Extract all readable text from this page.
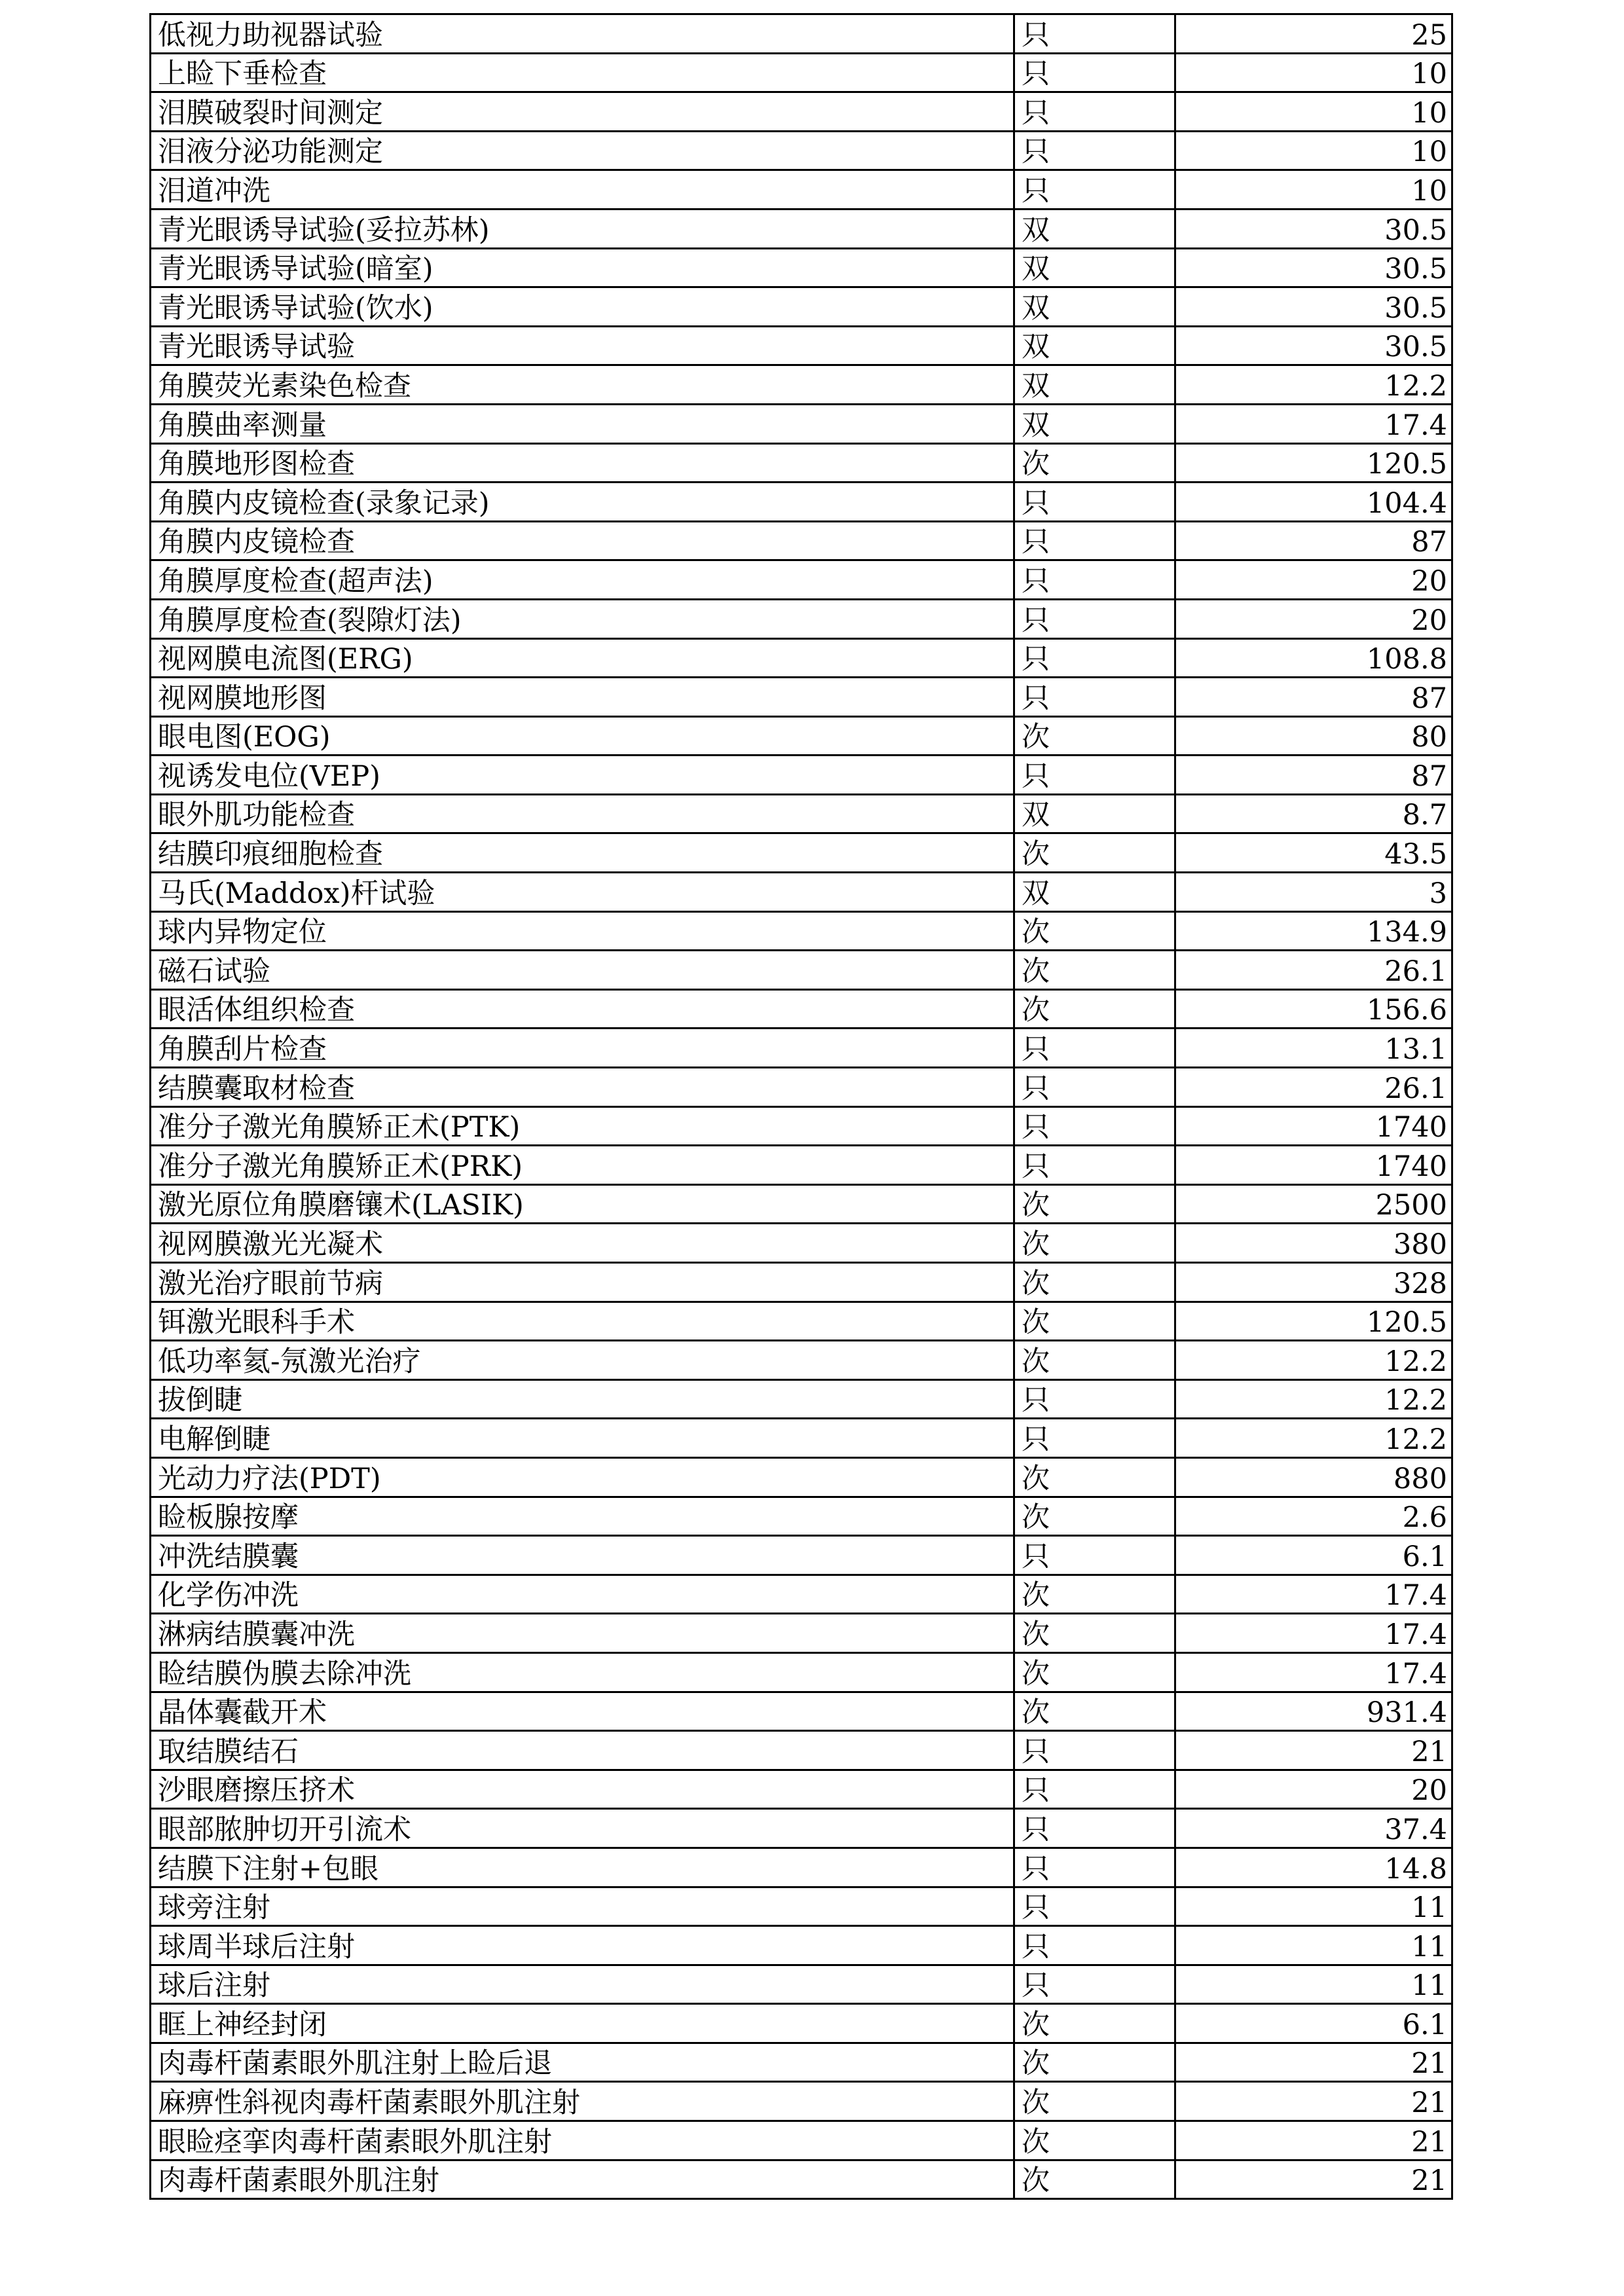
低视力助视器试验	只	25
上睑下垂检查	只	10
泪膜破裂时间测定	只	10
泪液分泌功能测定	只	10
泪道冲洗	只	10
青光眼诱导试验(妥拉苏林)	双	30.5
青光眼诱导试验(暗室)	双	30.5
青光眼诱导试验(饮水)	双	30.5
青光眼诱导试验	双	30.5
角膜荧光素染色检查	双	12.2
角膜曲率测量	双	17.4
角膜地形图检查	次	120.5
角膜内皮镜检查(录象记录)	只	104.4
角膜内皮镜检查	只	87
角膜厚度检查(超声法)	只	20
角膜厚度检查(裂隙灯法)	只	20
视网膜电流图(ERG)	只	108.8
视网膜地形图	只	87
眼电图(EOG)	次	80
视诱发电位(VEP)	只	87
眼外肌功能检查	双	8.7
结膜印痕细胞检查	次	43.5
马氏(Maddox)杆试验	双	3
球内异物定位	次	134.9
磁石试验	次	26.1
眼活体组织检查	次	156.6
角膜刮片检查	只	13.1
结膜囊取材检查	只	26.1
准分子激光角膜矫正术(PTK)	只	1740
准分子激光角膜矫正术(PRK)	只	1740
激光原位角膜磨镶术(LASIK)	次	2500
视网膜激光光凝术	次	380
激光治疗眼前节病	次	328
铒激光眼科手术	次	120.5
低功率氦-氖激光治疗	次	12.2
拔倒睫	只	12.2
电解倒睫	只	12.2
光动力疗法(PDT)	次	880
睑板腺按摩	次	2.6
冲洗结膜囊	只	6.1
化学伤冲洗	次	17.4
淋病结膜囊冲洗	次	17.4
睑结膜伪膜去除冲洗	次	17.4
晶体囊截开术	次	931.4
取结膜结石	只	21
沙眼磨擦压挤术	只	20
眼部脓肿切开引流术	只	37.4
结膜下注射+包眼	只	14.8
球旁注射	只	11
球周半球后注射	只	11
球后注射	只	11
眶上神经封闭	次	6.1
肉毒杆菌素眼外肌注射上睑后退	次	21
麻痹性斜视肉毒杆菌素眼外肌注射	次	21
眼睑痉挛肉毒杆菌素眼外肌注射	次	21
肉毒杆菌素眼外肌注射	次	21
